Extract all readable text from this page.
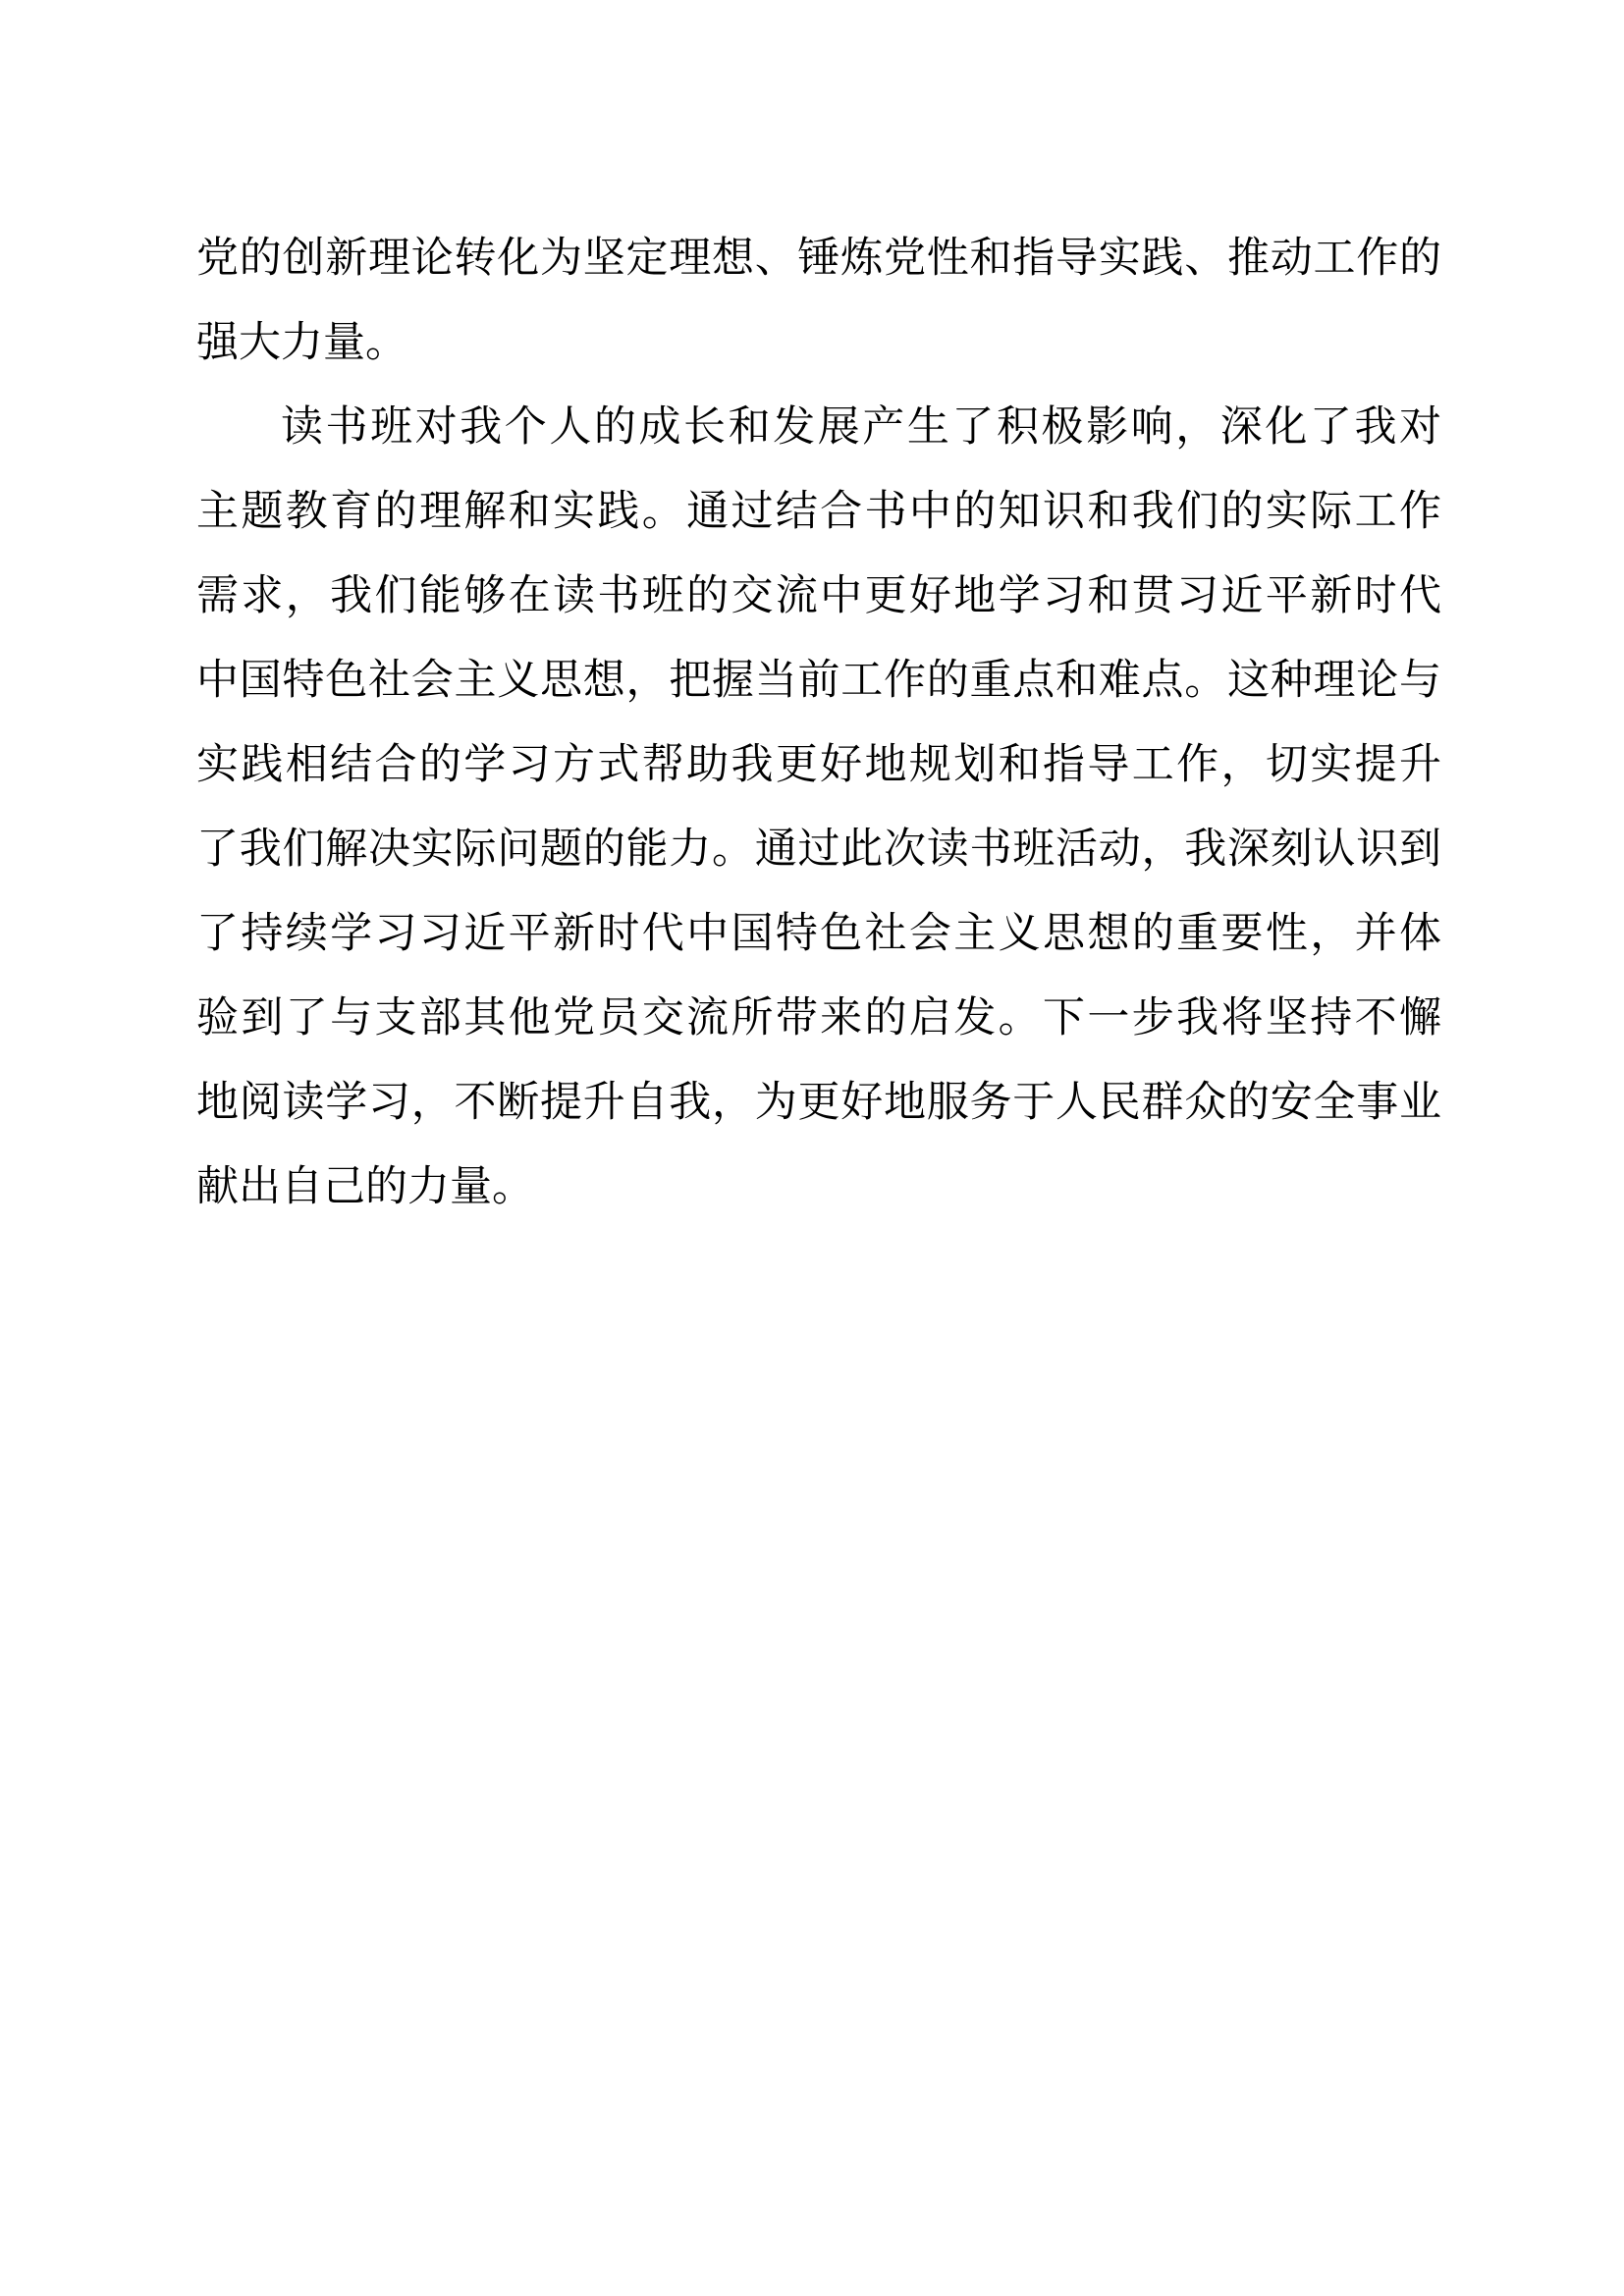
党的创新理论转化为坚定理想、锤炼党性和指导实践、推动工作的
强大力量。
读书班对我个人的成长和发展产生了积极影响，深化了我对
主题教育的理解和实践。通过结合书中的知识和我们的实际工作
需求，我们能够在读书班的交流中更好地学习和贯习近平新时代
中国特色社会主义思想，把握当前工作的重点和难点。这种理论与
实践相结合的学习方式帮助我更好地规划和指导工作，切实提升
了我们解决实际问题的能力。通过此次读书班活动，我深刻认识到
了持续学习习近平新时代中国特色社会主义思想的重要性，并体
验到了与支部其他党员交流所带来的启发。下一步我将坚持不懈
地阅读学习，不断提升自我，为更好地服务于人民群众的安全事业
献出自己的力量。
